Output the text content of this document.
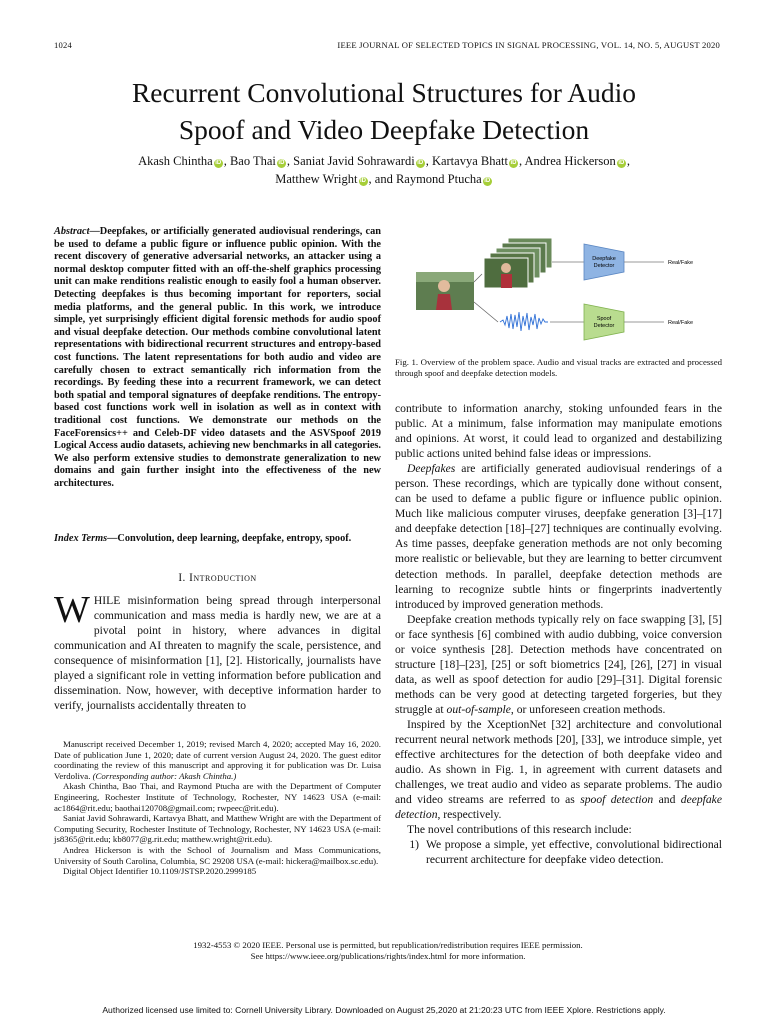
1024	IEEE JOURNAL OF SELECTED TOPICS IN SIGNAL PROCESSING, VOL. 14, NO. 5, AUGUST 2020
Recurrent Convolutional Structures for Audio
Spoof and Video Deepfake Detection
Akash Chintha iD , Bao Thai iD , Saniat Javid Sohrawardi iD , Kartavya Bhatt iD , Andrea Hickerson iD ,
Matthew Wright iD , and Raymond Ptucha iD
Abstract—Deepfakes, or artificially generated audiovisual renderings, can be used to defame a public figure or influence public opinion. With the recent discovery of generative adversarial networks, an attacker using a normal desktop computer fitted with an off-the-shelf graphics processing unit can make renditions realistic enough to easily fool a human observer. Detecting deepfakes is thus becoming important for reporters, social media platforms, and the general public. In this work, we introduce simple, yet surprisingly efficient digital forensic methods for audio spoof and visual deepfake detection. Our methods combine convolutional latent representations with bidirectional recurrent structures and entropy-based cost functions. The latent representations for both audio and video are carefully chosen to extract semantically rich information from the recordings. By feeding these into a recurrent framework, we can detect both spatial and temporal signatures of deepfake renditions. The entropy-based cost functions work well in isolation as well as in context with traditional cost functions. We demonstrate our methods on the FaceForensics++ and Celeb-DF video datasets and the ASVSpoof 2019 Logical Access audio datasets, achieving new benchmarks in all categories. We also perform extensive studies to demonstrate generalization to new domains and gain further insight into the effectiveness of the new architectures.
Index Terms—Convolution, deep learning, deepfake, entropy, spoof.
I. Introduction
WHILE misinformation being spread through interpersonal communication and mass media is hardly new, we are at a pivotal point in history, where advances in digital communication and AI threaten to magnify the scale, persistence, and consequence of misinformation [1], [2]. Historically, journalists have played a significant role in vetting information before publication and dissemination. Now, however, with deceptive information harder to verify, journalists accidentally threaten to

Manuscript received December 1, 2019; revised March 4, 2020; accepted May 16, 2020. Date of publication June 1, 2020; date of current version August 24, 2020. The guest editor coordinating the review of this manuscript and approving it for publication was Dr. Luisa Verdoliva. (Corresponding author: Akash Chintha.)

Akash Chintha, Bao Thai, and Raymond Ptucha are with the Department of Computer Engineering, Rochester Institute of Technology, Rochester, NY 14623 USA (e-mail: ac1864@rit.edu; baothai120708@gmail.com; rwpeec@rit.edu).

Saniat Javid Sohrawardi, Kartavya Bhatt, and Matthew Wright are with the Department of Computing Security, Rochester Institute of Technology, Rochester, NY 14623 USA (e-mail: js8365@rit.edu; kb8077@g.rit.edu; matthew.wright@rit.edu).

Andrea Hickerson is with the School of Journalism and Mass Communications, University of South Carolina, Columbia, SC 29208 USA (e-mail: hickera@mailbox.sc.edu).

Digital Object Identifier 10.1109/JSTSP.2020.2999185

Deepfake
Detector
Spoof
Detector
Real/Fake
Real/Fake
Fig. 1. Overview of the problem space. Audio and visual tracks are extracted and processed through spoof and deepfake detection models.

contribute to information anarchy, stoking unfounded fears in the public. At a minimum, false information may manipulate emotions and opinions. At worst, it could lead to organized and destabilizing public actions united behind false ideas or impressions.

Deepfakes are artificially generated audiovisual renderings of a person. These recordings, which are typically done without consent, can be used to defame a public figure or influence public opinion. Much like malicious computer viruses, deepfake generation [3]–[17] and deepfake detection [18]–[27] techniques are continually evolving. As time passes, deepfake generation methods are not only becoming more realistic or believable, but they are learning to better circumvent detection methods. In parallel, deepfake detection methods are learning to recognize subtle hints or fingerprints inadvertently introduced by improved generation methods.

Deepfake creation methods typically rely on face swapping [3], [5] or face synthesis [6] combined with audio dubbing, voice conversion or voice synthesis [28]. Detection methods have concentrated on structure [18]–[23], [25] or soft biometrics [24], [26], [27] in visual data, as well as spoof detection for audio [29]–[31]. Digital forensic methods can be very good at detecting targeted forgeries, but they struggle at out-of-sample, or unforeseen creation methods.

Inspired by the XceptionNet [32] architecture and convolutional recurrent neural network methods [20], [33], we introduce simple, yet effective architectures for the detection of both deepfake video and audio. As shown in Fig. 1, in agreement with current datasets and challenges, we treat audio and video as separate problems. The audio and video streams are referred to as spoof detection and deepfake detection, respectively.

The novel contributions of this research include:

1) We propose a simple, yet effective, convolutional bidirectional recurrent architecture for deepfake video detection.
1932-4553 © 2020 IEEE. Personal use is permitted, but republication/redistribution requires IEEE permission.
See https://www.ieee.org/publications/rights/index.html for more information.
Authorized licensed use limited to: Cornell University Library. Downloaded on August 25,2020 at 21:20:23 UTC from IEEE Xplore. Restrictions apply.
